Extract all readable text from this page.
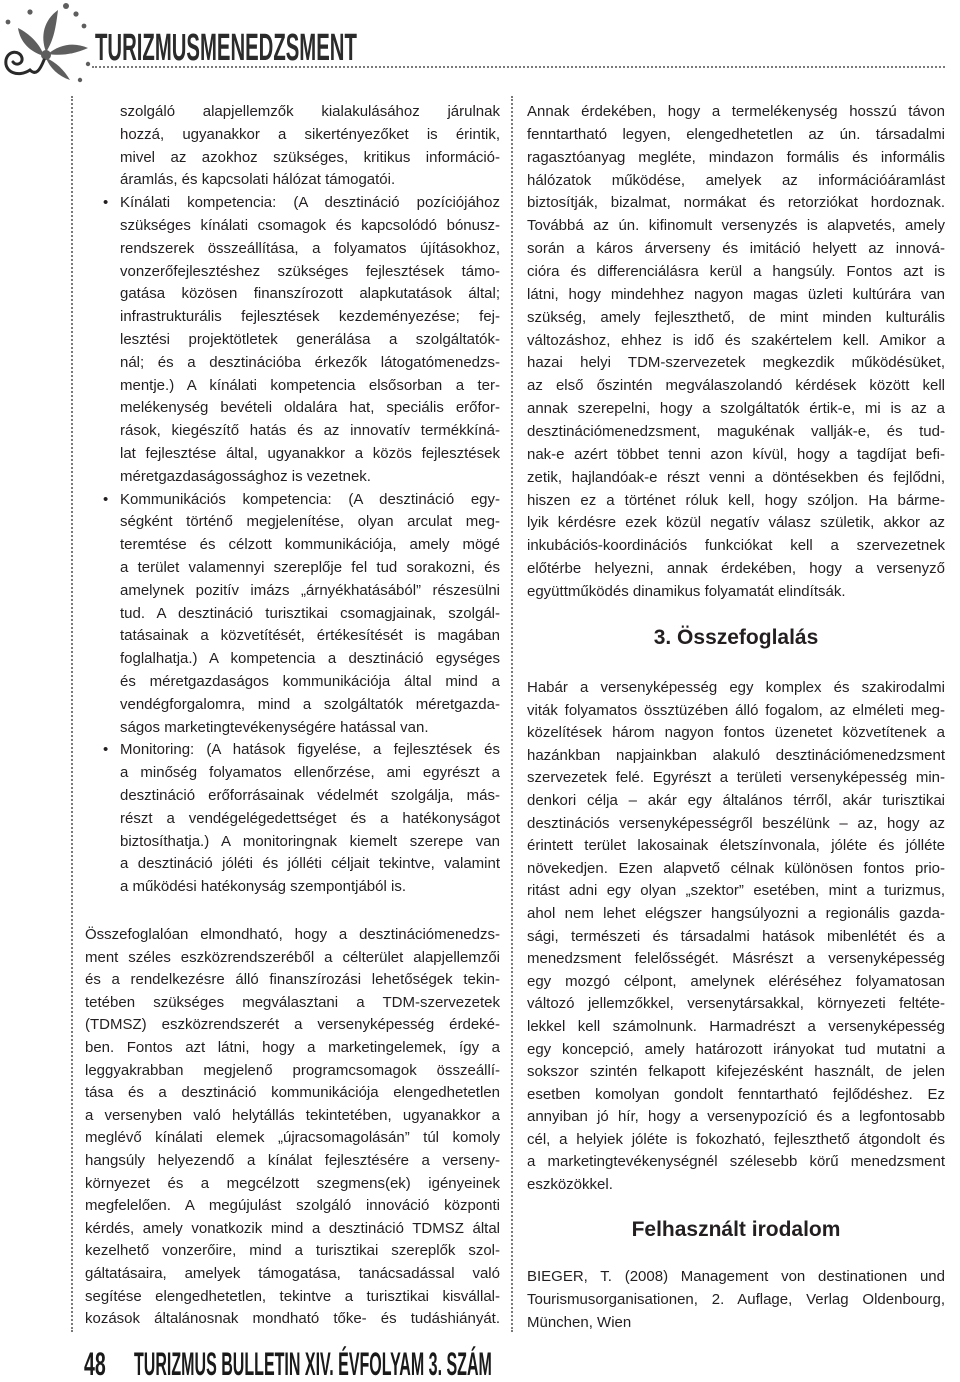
TURIZMUSMENEDZSMENT
szolgáló alapjellemzők kialakulásához járulnak
hozzá, ugyanakkor a sikertényezőket is érintik,
mivel az azokhoz szükséges, kritikus információ-
áramlás, és kapcsolati hálózat támogatói.
• Kínálati kompetencia: (A desztináció pozíciójához
szükséges kínálati csomagok és kapcsolódó bónusz-
rendszerek összeállítása, a folyamatos újításokhoz,
vonzerőfejlesztéshez szükséges fejlesztések támo-
gatása közösen finanszírozott alapkutatások által;
infrastrukturális fejlesztések kezdeményezése; fej-
lesztési projektötletek generálása a szolgáltatók-
nál; és a desztinációba érkezők látogatómenedzs-
mentje.) A kínálati kompetencia elsősorban a ter-
melékenység bevételi oldalára hat, speciális erőfor-
rások, kiegészítő hatás és az innovatív termékkíná-
lat fejlesztése által, ugyanakkor a közös fejlesztések
méretgazdaságossághoz is vezetnek.
• Kommunikációs kompetencia: (A desztináció egy-
ségként történő megjelenítése, olyan arculat meg-
teremtése és célzott kommunikációja, amely mögé
a terület valamennyi szereplője fel tud sorakozni, és
amelynek pozitív imázs „árnyékhatásából” részesülni
tud. A desztináció turisztikai csomagjainak, szolgál-
tatásainak a közvetítését, értékesítését is magában
foglalhatja.) A kompetencia a desztináció egységes
és méretgazdaságos kommunikációja által mind a
vendégforgalomra, mind a szolgáltatók méretgazda-
ságos marketingtevékenységére hatással van.
• Monitoring: (A hatások figyelése, a fejlesztések és
a minőség folyamatos ellenőrzése, ami egyrészt a
desztináció erőforrásainak védelmét szolgálja, más-
részt a vendégelégedettséget és a hatékonyságot
biztosíthatja.) A monitoringnak kiemelt szerepe van
a desztináció jóléti és jólléti céljait tekintve, valamint
a működési hatékonyság szempontjából is.
Összefoglalóan elmondható, hogy a desztinációmenedzs-
ment széles eszközrendszeréből a célterület alapjellemzői
és a rendelkezésre álló finanszírozási lehetőségek tekin-
tetében szükséges megválasztani a TDM-szervezetek
(TDMSZ) eszközrendszerét a versenyképesség érdeké-
ben. Fontos azt látni, hogy a marketingelemek, így a
leggyakrabban megjelenő programcsomagok összeállí-
tása és a desztináció kommunikációja elengedhetetlen
a versenyben való helytállás tekintetében, ugyanakkor a
meglévő kínálati elemek „újracsomagolásán” túl komoly
hangsúly helyezendő a kínálat fejlesztésére a verseny-
környezet és a megcélzott szegmens(ek) igényeinek
megfelelően. A megújulást szolgáló innováció központi
kérdés, amely vonatkozik mind a desztináció TDMSZ által
kezelhető vonzerőire, mind a turisztikai szereplők szol-
gáltatásaira, amelyek támogatása, tanácsadással való
segítése elengedhetetlen, tekintve a turisztikai kisvállal-
kozások általánosnak mondható tőke- és tudáshiányát.
Annak érdekében, hogy a termelékenység hosszú távon
fenntartható legyen, elengedhetetlen az ún. társadalmi
ragasztóanyag megléte, mindazon formális és informális
hálózatok működése, amelyek az információáramlást
biztosítják, bizalmat, normákat és retorziókat hordoznak.
Továbbá az ún. kifinomult versenyzés is alapvetés, amely
során a káros árverseny és imitáció helyett az innová-
cióra és differenciálásra kerül a hangsúly. Fontos azt is
látni, hogy mindehhez nagyon magas üzleti kultúrára van
szükség, amely fejleszthető, de mint minden kulturális
változáshoz, ehhez is idő és szakértelem kell. Amikor a
hazai helyi TDM-szervezetek megkezdik működésüket,
az első őszintén megválaszolandó kérdések között kell
annak szerepelni, hogy a szolgáltatók értik-e, mi is az a
desztinációmenedzsment, magukénak vallják-e, és tud-
nak-e azért többet tenni azon kívül, hogy a tagdíjat befi-
zetik, hajlandóak-e részt venni a döntésekben és fejlődni,
hiszen ez a történet róluk kell, hogy szóljon. Ha bárme-
lyik kérdésre ezek közül negatív válasz születik, akkor az
inkubációs-koordinációs funkciókat kell a szervezetnek
előtérbe helyezni, annak érdekében, hogy a versenyző
együttműködés dinamikus folyamatát elindítsák.
3. Összefoglalás
Habár a versenyképesség egy komplex és szakirodalmi
viták folyamatos össztüzében álló fogalom, az elméleti meg-
közelítések három nagyon fontos üzenetet közvetítenek a
hazánkban napjainkban alakuló desztinációmenedzsment
szervezetek felé. Egyrészt a területi versenyképesség min-
denkori célja – akár egy általános térről, akár turisztikai
desztinációs versenyképességről beszélünk – az, hogy az
érintett terület lakosainak életszínvonala, jóléte és jólléte
növekedjen. Ezen alapvető célnak különösen fontos prio-
ritást adni egy olyan „szektor” esetében, mint a turizmus,
ahol nem lehet elégszer hangsúlyozni a regionális gazda-
sági, természeti és társadalmi hatások mibenlétét és a
menedzsment felelősségét. Másrészt a versenyképesség
egy mozgó célpont, amelynek eléréséhez folyamatosan
változó jellemzőkkel, versenytársakkal, környezeti feltéte-
lekkel kell számolnunk. Harmadrészt a versenyképesség
egy koncepció, amely határozott irányokat tud mutatni a
sokszor szintén felkapott kifejezésként használt, de jelen
esetben komolyan gondolt fenntartható fejlődéshez. Ez
annyiban jó hír, hogy a versenypozíció és a legfontosabb
cél, a helyiek jóléte is fokozható, fejleszthető átgondolt és
a marketingtevékenységnél szélesebb körű menedzsment
eszközökkel.
Felhasznált irodalom
BIEGER, T. (2008) Management von destinationen und
Tourismusorganisationen, 2. Auflage, Verlag Oldenbourg,
München, Wien
48 TURIZMUS BULLETIN XIV. ÉVFOLYAM 3. SZÁM
